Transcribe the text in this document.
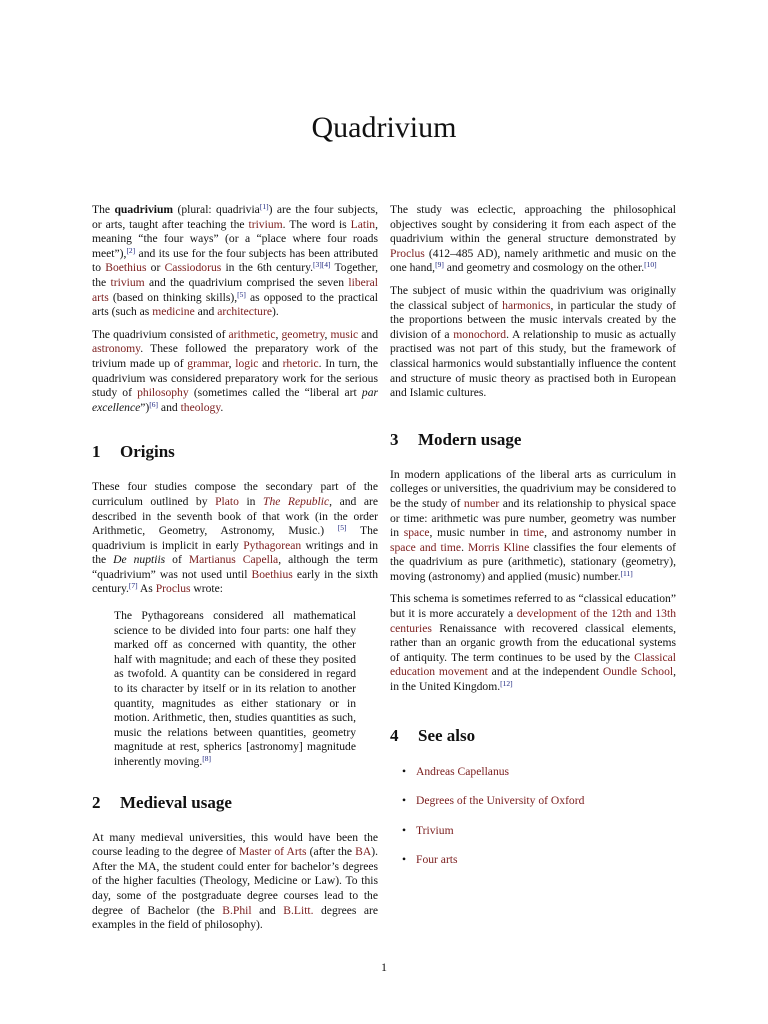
Quadrivium

The quadrivium (plural: quadrivia[1]) are the four subjects, or arts, taught after teaching the trivium. The word is Latin, meaning “the four ways” (or a “place where four roads meet”),[2] and its use for the four subjects has been attributed to Boethius or Cassiodorus in the 6th century.[3][4] Together, the trivium and the quadrivium comprised the seven liberal arts (based on thinking skills),[5] as opposed to the practical arts (such as medicine and architecture).

The quadrivium consisted of arithmetic, geometry, music and astronomy. These followed the preparatory work of the trivium made up of grammar, logic and rhetoric. In turn, the quadrivium was considered preparatory work for the serious study of philosophy (sometimes called the “liberal art par excellence”)[6] and theology.

1 Origins

These four studies compose the secondary part of the curriculum outlined by Plato in The Republic, and are described in the seventh book of that work (in the order Arithmetic, Geometry, Astronomy, Music.) [5] The quadrivium is implicit in early Pythagorean writings and in the De nuptiis of Martianus Capella, although the term “quadrivium” was not used until Boethius early in the sixth century.[7] As Proclus wrote:

The Pythagoreans considered all mathematical science to be divided into four parts: one half they marked off as concerned with quantity, the other half with magnitude; and each of these they posited as twofold. A quantity can be considered in regard to its character by itself or in its relation to another quantity, magnitudes as either stationary or in motion. Arithmetic, then, studies quantities as such, music the relations between quantities, geometry magnitude at rest, spherics [astronomy] magnitude inherently moving.[8]

2 Medieval usage

At many medieval universities, this would have been the course leading to the degree of Master of Arts (after the BA). After the MA, the student could enter for bachelor’s degrees of the higher faculties (Theology, Medicine or Law). To this day, some of the postgraduate degree courses lead to the degree of Bachelor (the B.Phil and B.Litt. degrees are examples in the field of philosophy).

The study was eclectic, approaching the philosophical objectives sought by considering it from each aspect of the quadrivium within the general structure demonstrated by Proclus (412–485 AD), namely arithmetic and music on the one hand,[9] and geometry and cosmology on the other.[10]

The subject of music within the quadrivium was originally the classical subject of harmonics, in particular the study of the proportions between the music intervals created by the division of a monochord. A relationship to music as actually practised was not part of this study, but the framework of classical harmonics would substantially influence the content and structure of music theory as practised both in European and Islamic cultures.

3 Modern usage

In modern applications of the liberal arts as curriculum in colleges or universities, the quadrivium may be considered to be the study of number and its relationship to physical space or time: arithmetic was pure number, geometry was number in space, music number in time, and astronomy number in space and time. Morris Kline classifies the four elements of the quadrivium as pure (arithmetic), stationary (geometry), moving (astronomy) and applied (music) number.[11]

This schema is sometimes referred to as “classical education” but it is more accurately a development of the 12th and 13th centuries Renaissance with recovered classical elements, rather than an organic growth from the educational systems of antiquity. The term continues to be used by the Classical education movement and at the independent Oundle School, in the United Kingdom.[12]

4 See also
• Andreas Capellanus
• Degrees of the University of Oxford
• Trivium
• Four arts
1
